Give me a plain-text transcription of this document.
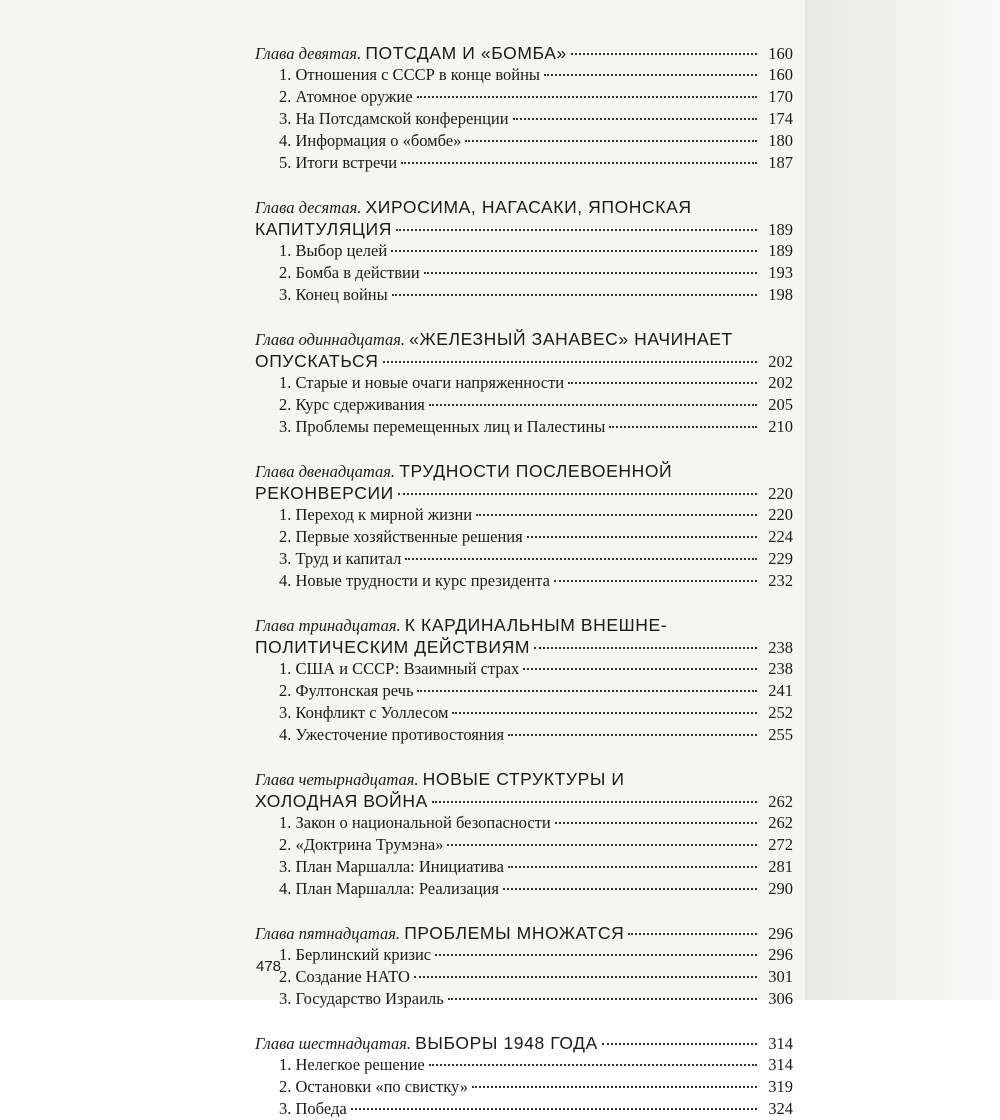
Глава девятая. ПОТСДАМ И «БОМБА»	160
1. Отношения с СССР в конце войны	160
2. Атомное оружие	170
3. На Потсдамской конференции	174
4. Информация о «бомбе»	180
5. Итоги встречи	187
Глава десятая. ХИРОСИМА, НАГАСАКИ, ЯПОНСКАЯ
КАПИТУЛЯЦИЯ	189
1. Выбор целей	189
2. Бомба в действии	193
3. Конец войны	198
Глава одиннадцатая. «ЖЕЛЕЗНЫЙ ЗАНАВЕС» НАЧИНАЕТ
ОПУСКАТЬСЯ	202
1. Старые и новые очаги напряженности	202
2. Курс сдерживания	205
3. Проблемы перемещенных лиц и Палестины	210
Глава двенадцатая. ТРУДНОСТИ ПОСЛЕВОЕННОЙ
РЕКОНВЕРСИИ	220
1. Переход к мирной жизни	220
2. Первые хозяйственные решения	224
3. Труд и капитал	229
4. Новые трудности и курс президента	232
Глава тринадцатая. К КАРДИНАЛЬНЫМ ВНЕШНЕ-
ПОЛИТИЧЕСКИМ ДЕЙСТВИЯМ	238
1. США и СССР: Взаимный страх	238
2. Фултонская речь	241
3. Конфликт с Уоллесом	252
4. Ужесточение противостояния	255
Глава четырнадцатая. НОВЫЕ СТРУКТУРЫ И
ХОЛОДНАЯ ВОЙНА	262
1. Закон о национальной безопасности	262
2. «Доктрина Трумэна»	272
3. План Маршалла: Инициатива	281
4. План Маршалла: Реализация	290
Глава пятнадцатая. ПРОБЛЕМЫ МНОЖАТСЯ	296
1. Берлинский кризис	296
2. Создание НАТО	301
3. Государство Израиль	306
Глава шестнадцатая. ВЫБОРЫ 1948 ГОДА	314
1. Нелегкое решение	314
2. Остановки «по свистку»	319
3. Победа	324
478
